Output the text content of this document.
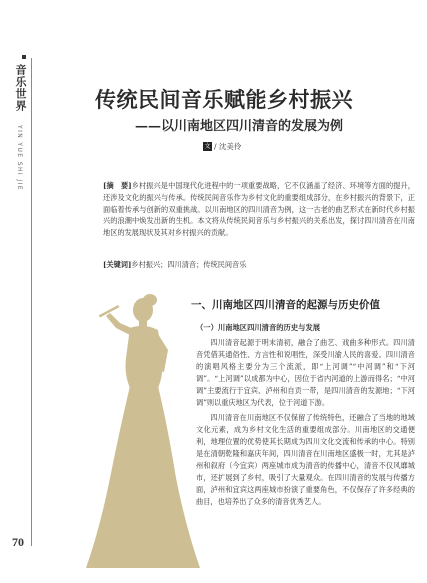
音乐世界
YIN YUE SHI JIE
70
传统民间音乐赋能乡村振兴
——以川南地区四川清音的发展为例
文 / 沈美伶
[摘　要]乡村振兴是中国现代化进程中的一项重要战略，它不仅涵盖了经济、环境等方面的提升，还涉及文化的振兴与传承。传统民间音乐作为乡村文化的重要组成部分，在乡村振兴的背景下，正面临着传承与创新的双重挑战。以川南地区的四川清音为例，这一古老的曲艺形式在新时代乡村振兴的浪潮中焕发出新的生机。本文将从传统民间音乐与乡村振兴的关系出发，探讨四川清音在川南地区的发展现状及其对乡村振兴的贡献。
[关键词]乡村振兴；四川清音；传统民间音乐
一、川南地区四川清音的起源与历史价值
（一）川南地区四川清音的历史与发展

四川清音起源于明末清初，融合了曲艺、戏曲多种形式。四川清音凭借其通俗性、方言性和说唱性，深受川渝人民的喜爱。四川清音的演唱风格主要分为三个流派，即“上河调”“中河调”和“下河调”。“上河调”以成都为中心，因位于省内河道的上游而得名；“中河调”主要流行于宜宾、泸州和自贡一带，是四川清音的发源地；“下河调”则以重庆地区为代表，位于河道下游。

四川清音在川南地区不仅保留了传统特色，还融合了当地的地域文化元素，成为乡村文化生活的重要组成部分。川南地区的交通便利，地理位置的优势使其长期成为四川文化交流和传承的中心。特别是在清朝乾隆和嘉庆年间，四川清音在川南地区盛极一时，尤其是泸州和叙府（今宜宾）两座城市成为清音的传播中心，清音不仅风靡城市，还扩展到了乡村，吸引了大量观众。在四川清音的发展与传播方面，泸州和宜宾这两座城市扮演了重要角色，不仅保存了许多经典的曲目，也培养出了众多的清音优秀艺人。
